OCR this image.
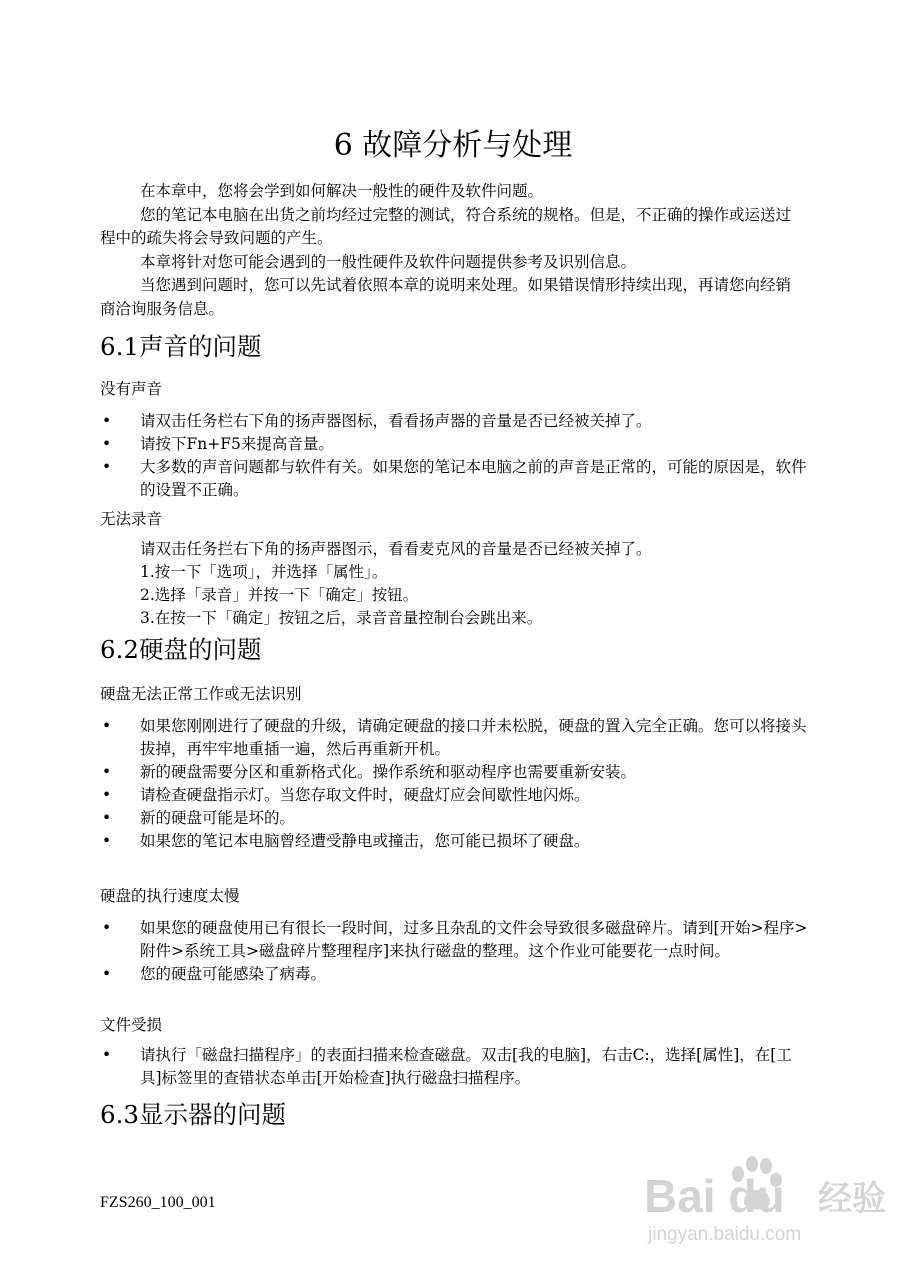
6 故障分析与处理

在本章中，您将会学到如何解决一般性的硬件及软件问题。

您的笔记本电脑在出货之前均经过完整的测试，符合系统的规格。但是，不正确的操作或运送过程中的疏失将会导致问题的产生。

本章将针对您可能会遇到的一般性硬件及软件问题提供参考及识别信息。

当您遇到问题时，您可以先试着依照本章的说明来处理。如果错误情形持续出现，再请您向经销商洽询服务信息。

6.1声音的问题
没有声音
• 请双击任务栏右下角的扬声器图标，看看扬声器的音量是否已经被关掉了。
• 请按下Fn+F5来提高音量。
• 大多数的声音问题都与软件有关。如果您的笔记本电脑之前的声音是正常的，可能的原因是，软件的设置不正确。
无法录音

请双击任务拦右下角的扬声器图示，看看麦克风的音量是否已经被关掉了。

1.按一下「选项」，并选择「属性」。

2.选择「录音」并按一下「确定」按钮。

3.在按一下「确定」按钮之后，录音音量控制台会跳出来。

6.2硬盘的问题
硬盘无法正常工作或无法识别
• 如果您刚刚进行了硬盘的升级，请确定硬盘的接口并未松脱，硬盘的置入完全正确。您可以将接头拔掉，再牢牢地重插一遍，然后再重新开机。
• 新的硬盘需要分区和重新格式化。操作系统和驱动程序也需要重新安装。
• 请检查硬盘指示灯。当您存取文件时，硬盘灯应会间歇性地闪烁。
• 新的硬盘可能是坏的。
• 如果您的笔记本电脑曾经遭受静电或撞击，您可能已损坏了硬盘。
硬盘的执行速度太慢
• 如果您的硬盘使用已有很长一段时间，过多且杂乱的文件会导致很多磁盘碎片。请到[开始>程序>附件>系统工具>磁盘碎片整理程序]来执行磁盘的整理。这个作业可能要花一点时间。
• 您的硬盘可能感染了病毒。
文件受损
• 请执行「磁盘扫描程序」的表面扫描来检查磁盘。双击[我的电脑]，右击C:，选择[属性]，在[工具]标签里的查错状态单击[开始检查]执行磁盘扫描程序。
6.3显示器的问题
FZS260_100_001	Bai du 经验
jingyan.baidu.com
